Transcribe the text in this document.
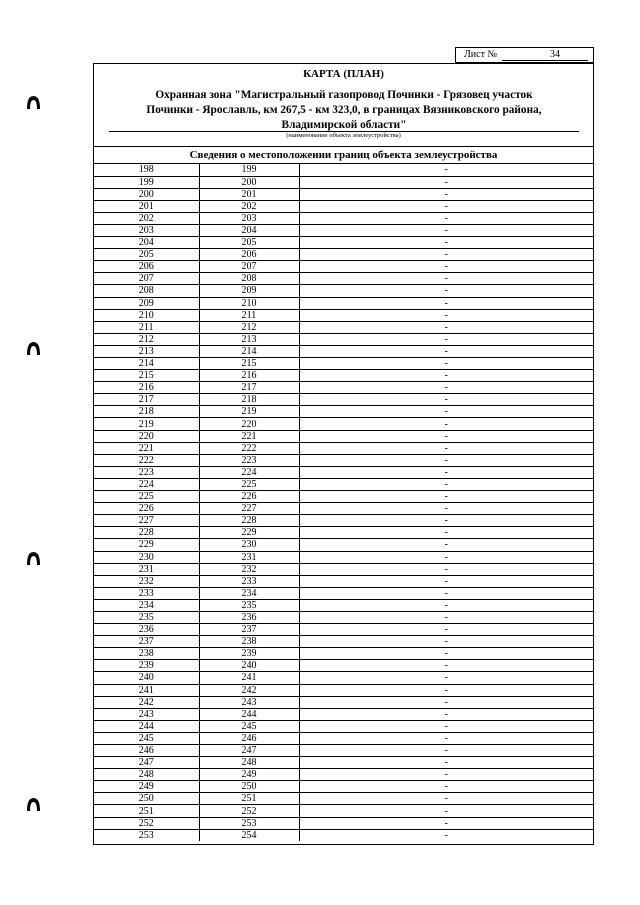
Лист №	34
КАРТА (ПЛАН)
Охранная зона "Магистральный газопровод Починки - Грязовец участок
Починки - Ярославль, км 267,5 - км 323,0, в границах Вязниковского района,
Владимирской области"
(наименование объекта землеустройства)
Сведения о местоположении границ объекта землеустройства
198	199	-
199	200	-
200	201	-
201	202	-
202	203	-
203	204	-
204	205	-
205	206	-
206	207	-
207	208	-
208	209	-
209	210	-
210	211	-
211	212	-
212	213	-
213	214	-
214	215	-
215	216	-
216	217	-
217	218	-
218	219	-
219	220	-
220	221	-
221	222	-
222	223	-
223	224	-
224	225	-
225	226	-
226	227	-
227	228	-
228	229	-
229	230	-
230	231	-
231	232	-
232	233	-
233	234	-
234	235	-
235	236	-
236	237	-
237	238	-
238	239	-
239	240	-
240	241	-
241	242	-
242	243	-
243	244	-
244	245	-
245	246	-
246	247	-
247	248	-
248	249	-
249	250	-
250	251	-
251	252	-
252	253	-
253	254	-
